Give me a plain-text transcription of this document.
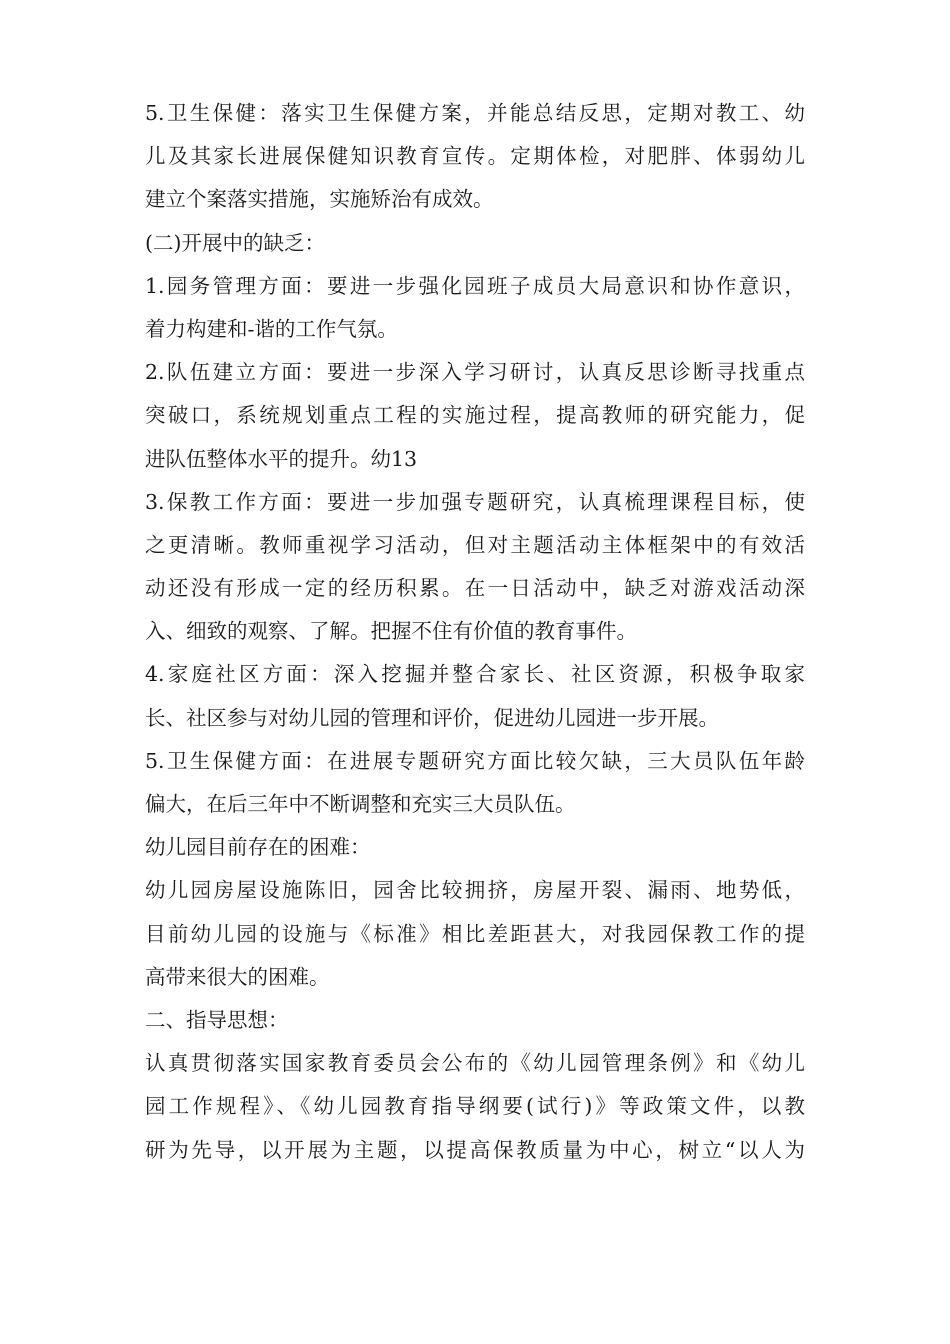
5.卫生保健：落实卫生保健方案，并能总结反思，定期对教工、幼
儿及其家长进展保健知识教育宣传。定期体检，对肥胖、体弱幼儿
建立个案落实措施，实施矫治有成效。
(二)开展中的缺乏：
1.园务管理方面：要进一步强化园班子成员大局意识和协作意识，
着力构建和-谐的工作气氛。
2.队伍建立方面：要进一步深入学习研讨，认真反思诊断寻找重点
突破口，系统规划重点工程的实施过程，提高教师的研究能力，促
进队伍整体水平的提升。幼13
3.保教工作方面：要进一步加强专题研究，认真梳理课程目标，使
之更清晰。教师重视学习活动，但对主题活动主体框架中的有效活
动还没有形成一定的经历积累。在一日活动中，缺乏对游戏活动深
入、细致的观察、了解。把握不住有价值的教育事件。
4.家庭社区方面：深入挖掘并整合家长、社区资源，积极争取家
长、社区参与对幼儿园的管理和评价，促进幼儿园进一步开展。
5.卫生保健方面：在进展专题研究方面比较欠缺，三大员队伍年龄
偏大，在后三年中不断调整和充实三大员队伍。
幼儿园目前存在的困难：
幼儿园房屋设施陈旧，园舍比较拥挤，房屋开裂、漏雨、地势低，
目前幼儿园的设施与《标准》相比差距甚大，对我园保教工作的提
高带来很大的困难。
二、指导思想：
认真贯彻落实国家教育委员会公布的《幼儿园管理条例》和《幼儿
园工作规程》、《幼儿园教育指导纲要(试行)》等政策文件，以教
研为先导，以开展为主题，以提高保教质量为中心，树立“以人为
